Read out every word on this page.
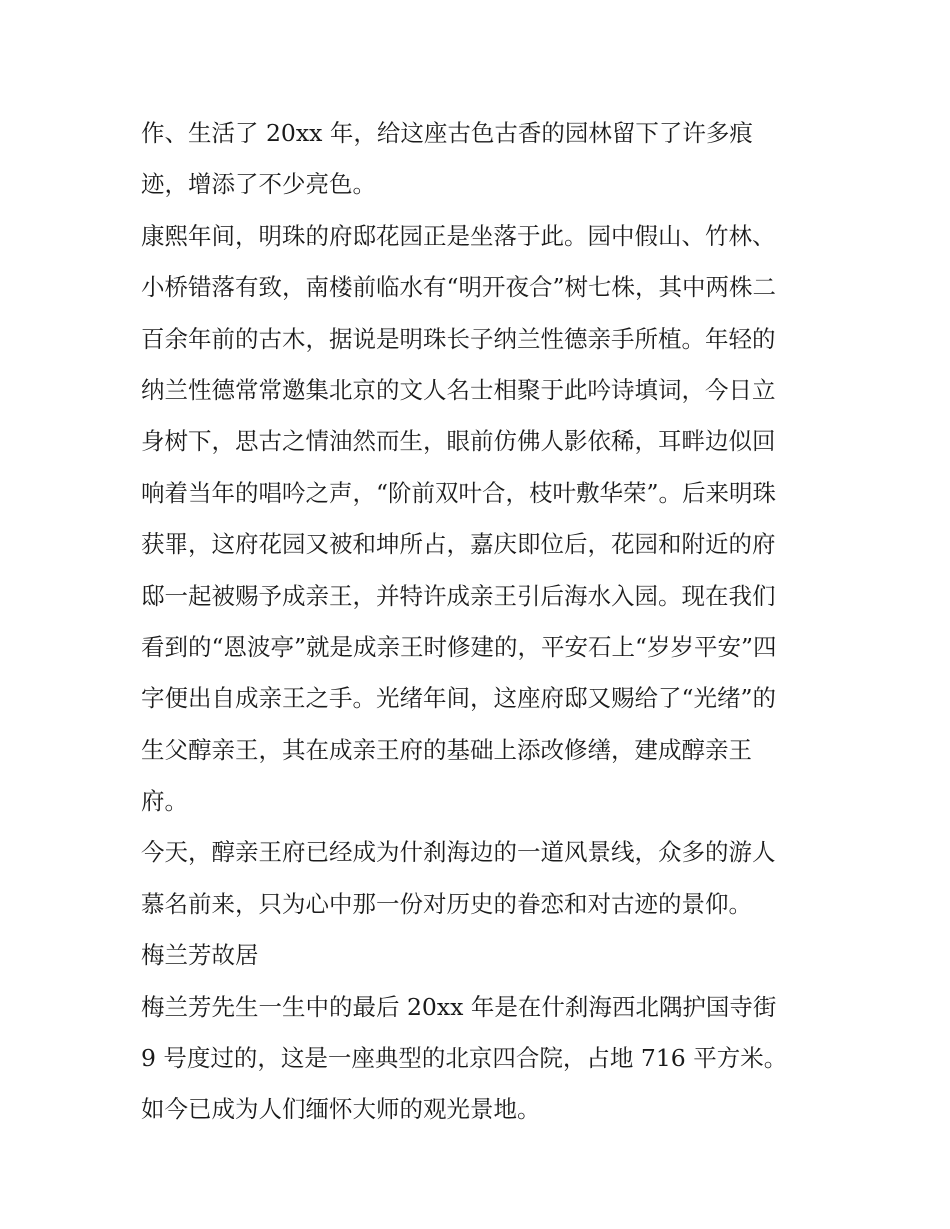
作、生活了 20xx 年，给这座古色古香的园林留下了许多痕
迹，增添了不少亮色。
康熙年间，明珠的府邸花园正是坐落于此。园中假山、竹林、
小桥错落有致，南楼前临水有“明开夜合”树七株，其中两株二
百余年前的古木，据说是明珠长子纳兰性德亲手所植。年轻的
纳兰性德常常邀集北京的文人名士相聚于此吟诗填词，今日立
身树下，思古之情油然而生，眼前仿佛人影依稀，耳畔边似回
响着当年的唱吟之声，“阶前双叶合，枝叶敷华荣”。后来明珠
获罪，这府花园又被和坤所占，嘉庆即位后，花园和附近的府
邸一起被赐予成亲王，并特许成亲王引后海水入园。现在我们
看到的“恩波亭”就是成亲王时修建的，平安石上“岁岁平安”四
字便出自成亲王之手。光绪年间，这座府邸又赐给了“光绪”的
生父醇亲王，其在成亲王府的基础上添改修缮，建成醇亲王
府。
今天，醇亲王府已经成为什刹海边的一道风景线，众多的游人
慕名前来，只为心中那一份对历史的眷恋和对古迹的景仰。
梅兰芳故居
梅兰芳先生一生中的最后 20xx 年是在什刹海西北隅护国寺街
9 号度过的，这是一座典型的北京四合院，占地 716 平方米。
如今已成为人们缅怀大师的观光景地。
